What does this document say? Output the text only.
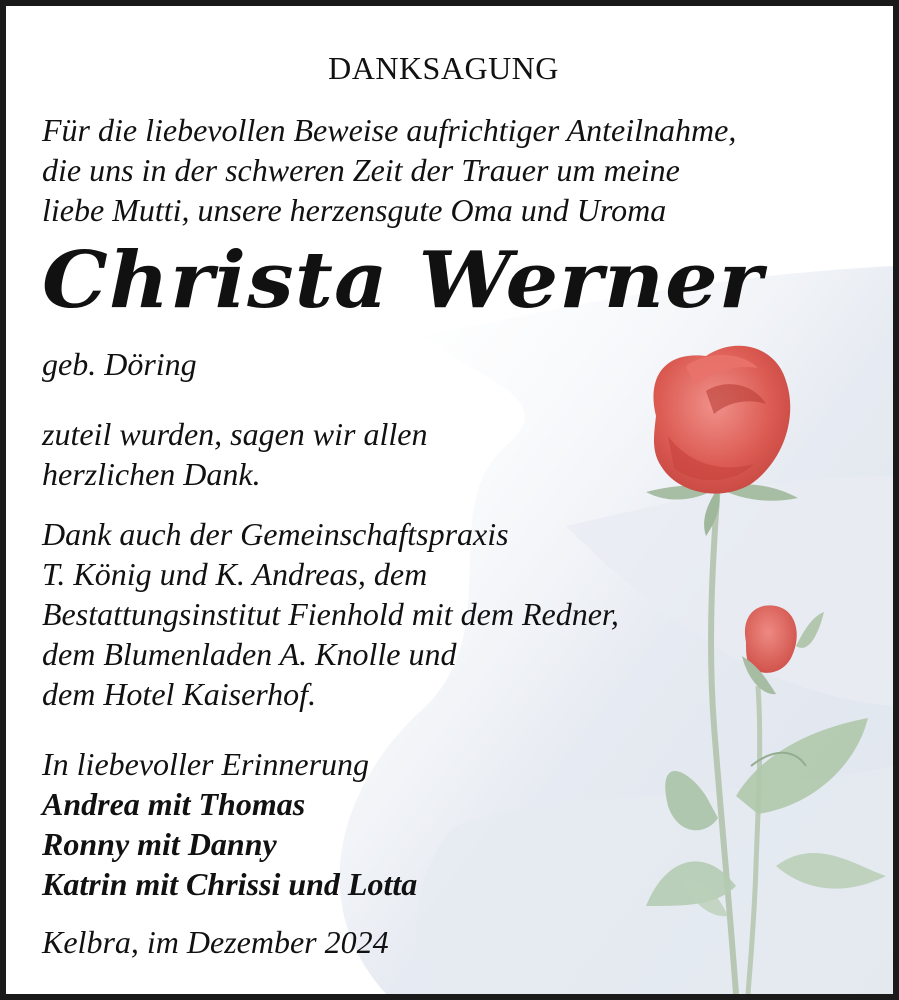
DANKSAGUNG

Für die liebevollen Beweise aufrichtiger Anteilnahme,
die uns in der schweren Zeit der Trauer um meine
liebe Mutti, unsere herzensgute Oma und Uroma

Christa Werner
geb. Döring
zuteil wurden, sagen wir allen
herzlichen Dank.
Dank auch der Gemeinschaftspraxis
T. König und K. Andreas, dem
Bestattungsinstitut Fienhold mit dem Redner,
dem Blumenladen A. Knolle und
dem Hotel Kaiserhof.
In liebevoller Erinnerung
Andrea mit Thomas
Ronny mit Danny
Katrin mit Chrissi und Lotta
Kelbra, im Dezember 2024
